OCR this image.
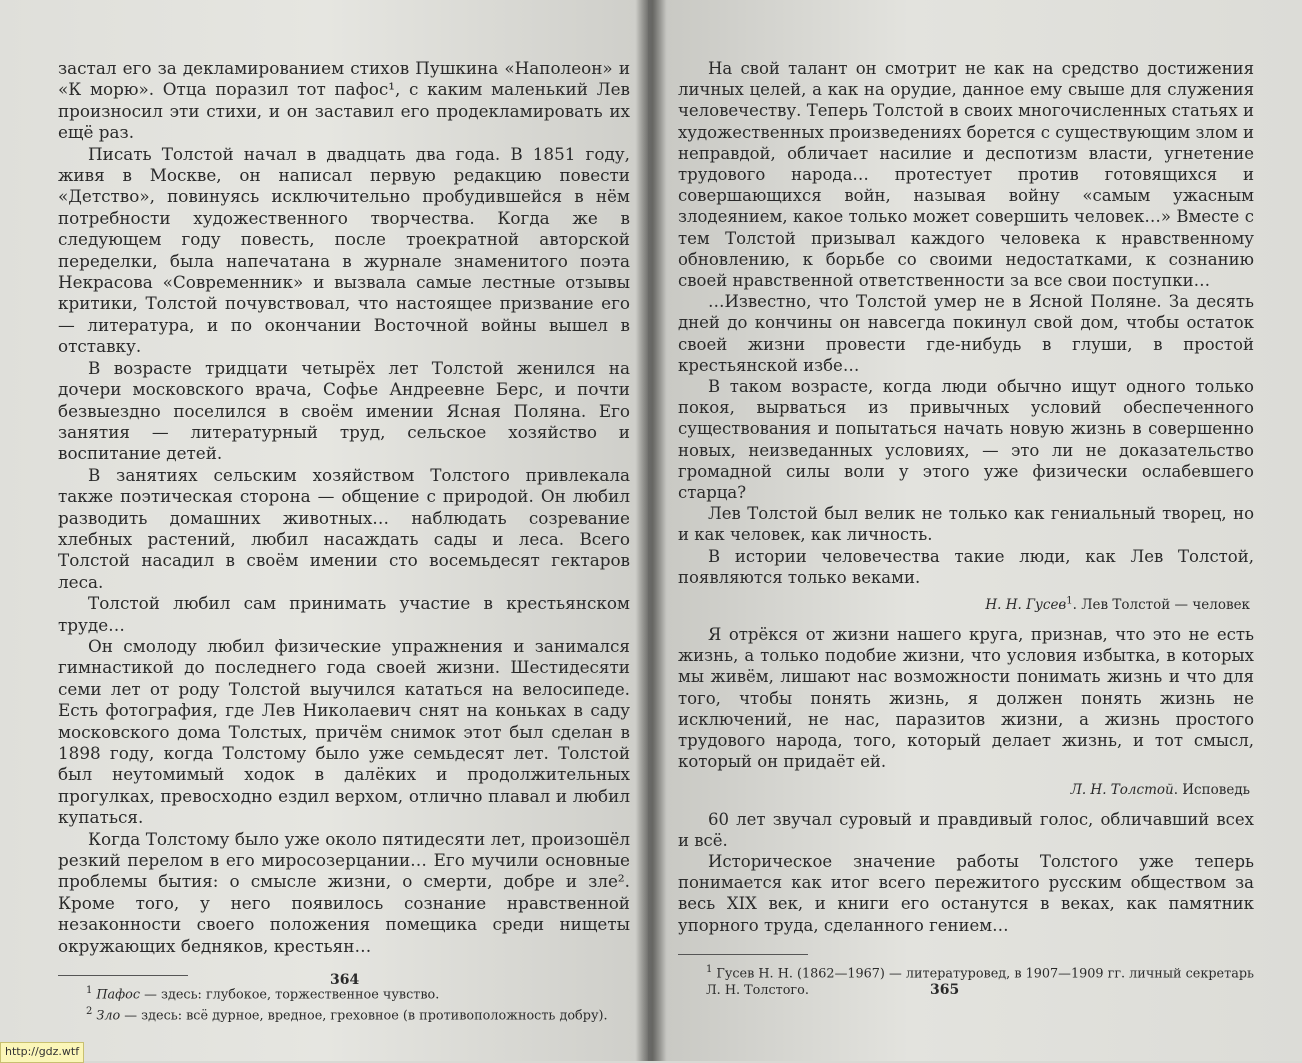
застал его за декламированием стихов Пушкина «Наполеон» и «К морю». Отца поразил тот пафос¹, с каким маленький Лев произносил эти стихи, и он заставил его продекламировать их ещё раз.

Писать Толстой начал в двадцать два года. В 1851 году, живя в Москве, он написал первую редакцию повести «Детство», повинуясь исключительно пробудившейся в нём потребности художественного творчества. Когда же в следующем году повесть, после троекратной авторской переделки, была напечатана в журнале знаменитого поэта Некрасова «Современник» и вызвала самые лестные отзывы критики, Толстой почувствовал, что настоящее призвание его — литература, и по окончании Восточной войны вышел в отставку.

В возрасте тридцати четырёх лет Толстой женился на дочери московского врача, Софье Андреевне Берс, и почти безвыездно поселился в своём имении Ясная Поляна. Его занятия — литературный труд, сельское хозяйство и воспитание детей.

В занятиях сельским хозяйством Толстого привлекала также поэтическая сторона — общение с природой. Он любил разводить домашних животных… наблюдать созревание хлебных растений, любил насаждать сады и леса. Всего Толстой насадил в своём имении сто восемьдесят гектаров леса.

Толстой любил сам принимать участие в крестьянском труде…

Он смолоду любил физические упражнения и занимался гимнастикой до последнего года своей жизни. Шестидесяти семи лет от роду Толстой выучился кататься на велосипеде. Есть фотография, где Лев Николаевич снят на коньках в саду московского дома Толстых, причём снимок этот был сделан в 1898 году, когда Толстому было уже семьдесят лет. Толстой был неутомимый ходок в далёких и продолжительных прогулках, превосходно ездил верхом, отлично плавал и любил купаться.

Когда Толстому было уже около пятидесяти лет, произошёл резкий перелом в его миросозерцании… Его мучили основные проблемы бытия: о смысле жизни, о смерти, добре и зле². Кроме того, у него появилось сознание нравственной незаконности своего положения помещика среди нищеты окружающих бедняков, крестьян…

$^1$ Пафос — здесь: глубокое, торжественное чувство.
$^2$ Зло — здесь: всё дурное, вредное, греховное (в противоположность добру).
364

На свой талант он смотрит не как на средство достижения личных целей, а как на орудие, данное ему свыше для служения человечеству. Теперь Толстой в своих многочисленных статьях и художественных произведениях борется с существующим злом и неправдой, обличает насилие и деспотизм власти, угнетение трудового народа… протестует против готовящихся и совершающихся войн, называя войну «самым ужасным злодеянием, какое только может совершить человек…» Вместе с тем Толстой призывал каждого человека к нравственному обновлению, к борьбе со своими недостатками, к сознанию своей нравственной ответственности за все свои поступки…

…Известно, что Толстой умер не в Ясной Поляне. За десять дней до кончины он навсегда покинул свой дом, чтобы остаток своей жизни провести где-нибудь в глуши, в простой крестьянской избе…

В таком возрасте, когда люди обычно ищут одного только покоя, вырваться из привычных условий обеспеченного существования и попытаться начать новую жизнь в совершенно новых, неизведанных условиях, — это ли не доказательство громадной силы воли у этого уже физически ослабевшего старца?

Лев Толстой был велик не только как гениальный творец, но и как человек, как личность.

В истории человечества такие люди, как Лев Толстой, появляются только веками.

Н. Н. Гусев$^1$. Лев Толстой — человек

Я отрёкся от жизни нашего круга, признав, что это не есть жизнь, а только подобие жизни, что условия избытка, в которых мы живём, лишают нас возможности понимать жизнь и что для того, чтобы понять жизнь, я должен понять жизнь не исключений, не нас, паразитов жизни, а жизнь простого трудового народа, того, который делает жизнь, и тот смысл, который он придаёт ей.

Л. Н. Толстой. Исповедь

60 лет звучал суровый и правдивый голос, обличавший всех и всё.

Историческое значение работы Толстого уже теперь понимается как итог всего пережитого русским обществом за весь XIX век, и книги его останутся в веках, как памятник упорного труда, сделанного гением…

$^1$ Гусев Н. Н. (1862—1967) — литературовед, в 1907—1909 гг. личный секретарь Л. Н. Толстого.	365
http://gdz.wtf
